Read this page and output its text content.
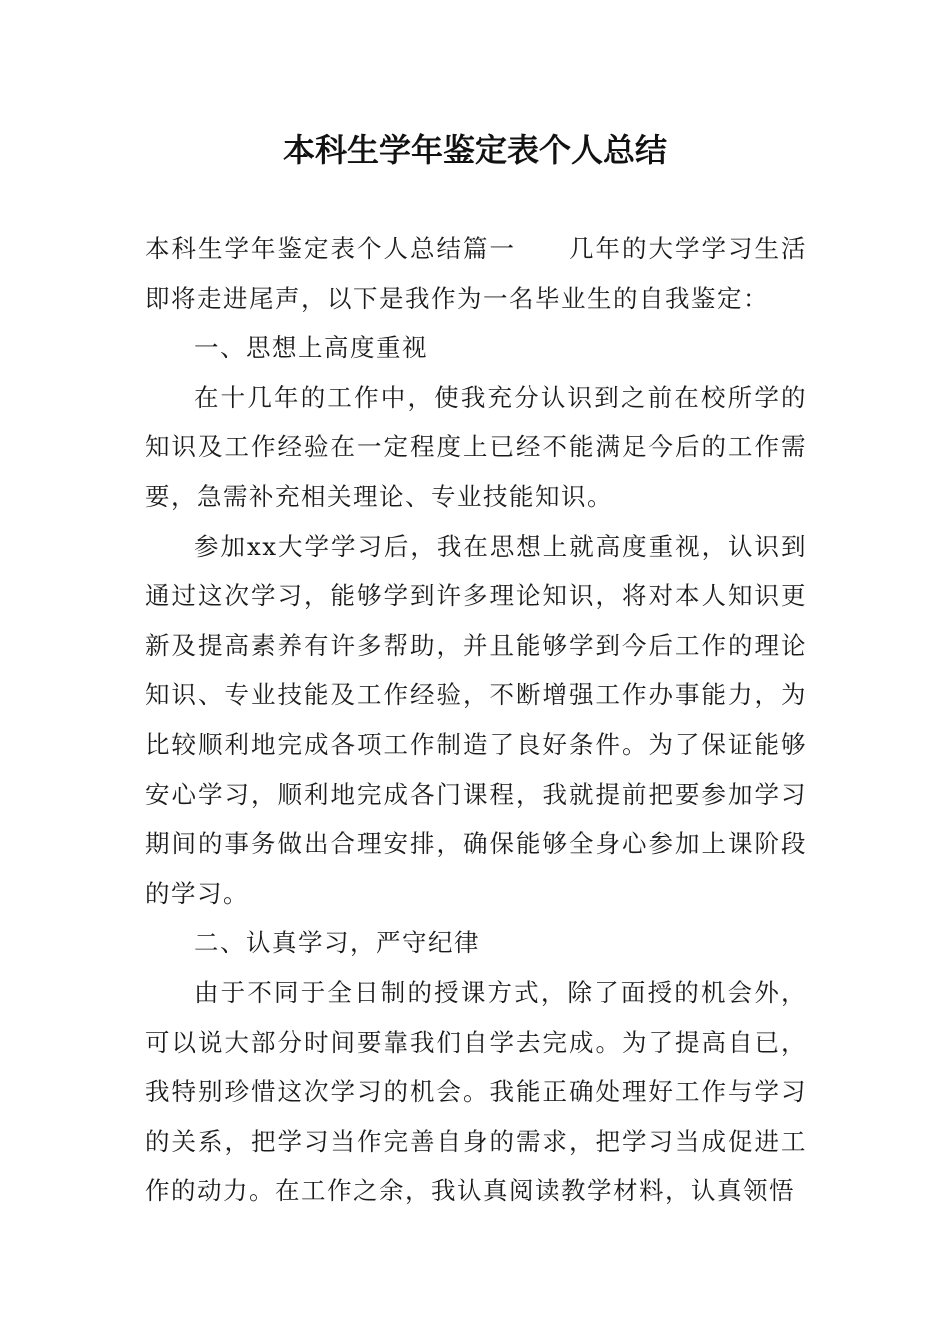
本科生学年鉴定表个人总结

本科生学年鉴定表个人总结篇一　　几年的大学学习生活即将走进尾声，以下是我作为一名毕业生的自我鉴定：

一、思想上高度重视

在十几年的工作中，使我充分认识到之前在校所学的知识及工作经验在一定程度上已经不能满足今后的工作需要，急需补充相关理论、专业技能知识。

参加xx大学学习后，我在思想上就高度重视，认识到通过这次学习，能够学到许多理论知识，将对本人知识更新及提高素养有许多帮助，并且能够学到今后工作的理论知识、专业技能及工作经验，不断增强工作办事能力，为比较顺利地完成各项工作制造了良好条件。为了保证能够安心学习，顺利地完成各门课程，我就提前把要参加学习期间的事务做出合理安排，确保能够全身心参加上课阶段的学习。

二、认真学习，严守纪律

由于不同于全日制的授课方式，除了面授的机会外，可以说大部分时间要靠我们自学去完成。为了提高自已，我特别珍惜这次学习的机会。我能正确处理好工作与学习的关系，把学习当作完善自身的需求，把学习当成促进工作的动力。在工作之余，我认真阅读教学材料，认真领悟
